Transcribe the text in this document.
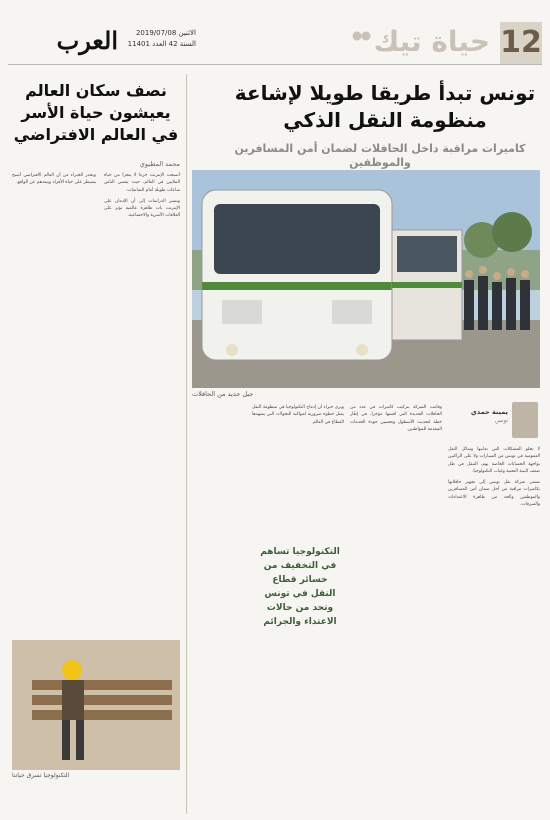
12
حياة تيك
العرب	الاثنين 2019/07/08
السنة 42 العدد 11401
تونس تبدأ طريقا طويلا لإشاعة منظومة النقل الذكي
كاميرات مراقبة داخل الحافلات لضمان أمن المسافرين والموظفين
جيل جديد من الحافلات
يمينة حمدي
تونس

لا تخلو المشكلات التي تعانيها وسائل النقل العمومية في تونس من السيارات ولا على الراكبين بواجهة الحسابات الخاصة بهم، التنقل في ظل ضعف البنية التحتية وغياب التكنولوجيا.

تسعى شركة نقل تونس إلى تجهيز حافلاتها بكاميرات مراقبة من أجل ضمان أمن المسافرين والموظفين والحد من ظاهرة الاعتداءات والسرقات.

وقامت الشركة بتركيب كاميرات في عدد من الحافلات الجديدة التي اقتنتها مؤخرا، في إطار خطة لتحديث الأسطول وتحسين جودة الخدمات المقدمة للمواطنين.

التكنولوجيا تساهم في التخفيف من خسائر قطاع النقل في تونس وتحد من حالات الاعتداء والجرائم

ويرى خبراء أن إدماج التكنولوجيا في منظومة النقل يمثل خطوة ضرورية لمواكبة التحولات التي يشهدها القطاع في العالم.

نصف سكان العالم يعيشون حياة الأسر في العالم الافتراضي
محمد المطيوي

أصبحت الإنترنت جزءا لا يتجزأ من حياة الملايين في العالم، حيث يقضي الناس ساعات طويلة أمام الشاشات.

وتشير الدراسات إلى أن الإدمان على الإنترنت بات ظاهرة عالمية تؤثر على العلاقات الأسرية والاجتماعية.

ويحذر الخبراء من أن العالم الافتراضي أصبح يسيطر على حياة الأفراد ويبعدهم عن الواقع.

التكنولوجيا تسرق حياتنا
